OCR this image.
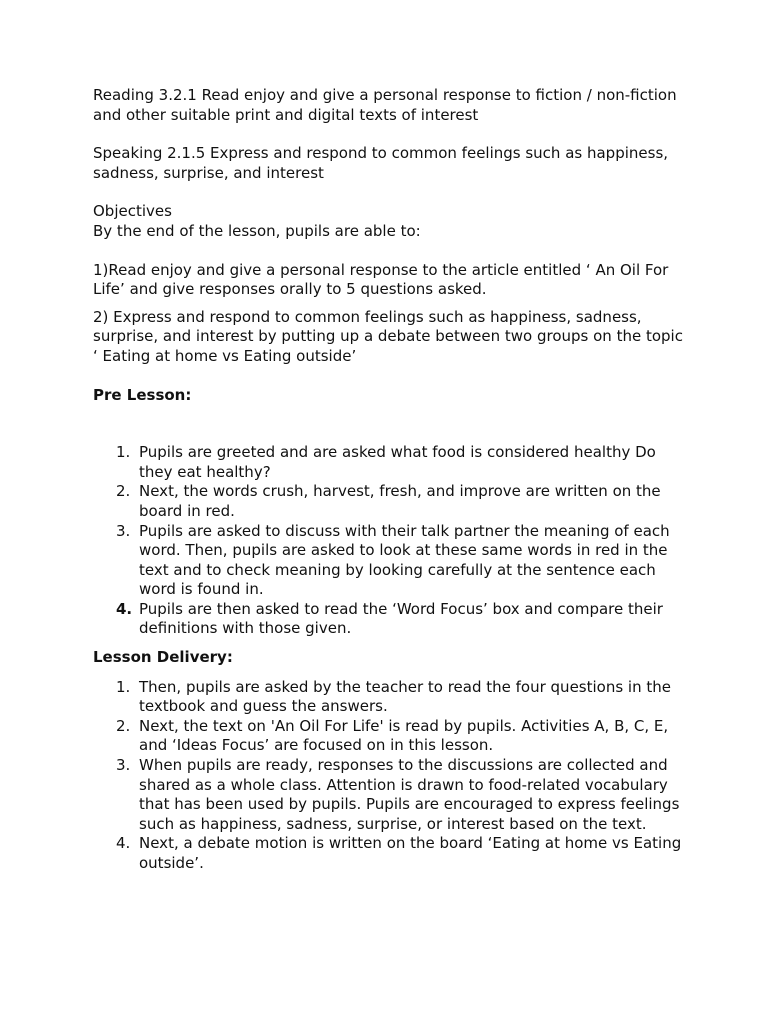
Reading 3.2.1 Read enjoy and give a personal response to fiction / non-fiction and other suitable print and digital texts of interest

Speaking 2.1.5 Express and respond to common feelings such as happiness, sadness, surprise, and interest

Objectives

By the end of the lesson, pupils are able to:

1)Read enjoy and give a personal response to the article entitled ‘ An Oil For Life’ and give responses orally to 5 questions asked.

2) Express and respond to common feelings such as happiness, sadness, surprise, and interest by putting up a debate between two groups on the topic ‘ Eating at home vs Eating outside’

Pre Lesson:

1. Pupils are greeted and are asked what food is considered healthy Do they eat healthy?
2. Next, the words crush, harvest, fresh, and improve are written on the board in red.
3. Pupils are asked to discuss with their talk partner the meaning of each word. Then, pupils are asked to look at these same words in red in the text and to check meaning by looking carefully at the sentence each word is found in.
4. Pupils are then asked to read the ‘Word Focus’ box and compare their definitions with those given.

Lesson Delivery:

1. Then, pupils are asked by the teacher to read the four questions in the textbook and guess the answers.
2. Next, the text on 'An Oil For Life' is read by pupils. Activities A, B, C, E, and ‘Ideas Focus’ are focused on in this lesson.
3. When pupils are ready, responses to the discussions are collected and shared as a whole class. Attention is drawn to food-related vocabulary that has been used by pupils. Pupils are encouraged to express feelings such as happiness, sadness, surprise, or interest based on the text.
4. Next, a debate motion is written on the board ‘Eating at home vs Eating outside’.
